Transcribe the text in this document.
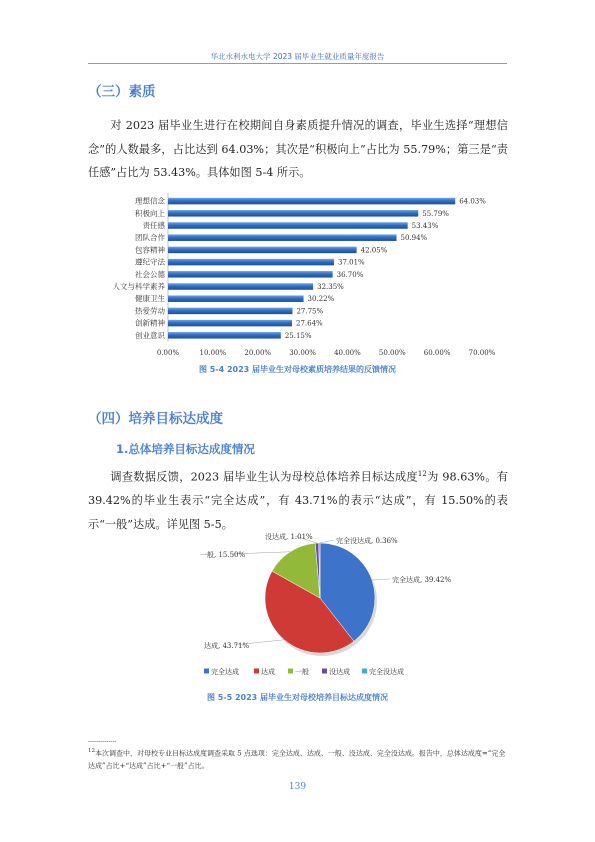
华北水利水电大学 2023 届毕业生就业质量年度报告
（三）素质

对 2023 届毕业生进行在校期间自身素质提升情况的调查，毕业生选择“理想信念”的人数最多，占比达到 64.03%；其次是“积极向上”占比为 55.79%；第三是“责任感”占比为 53.43%。具体如图 5-4 所示。

理想信念	64.03%
积极向上	55.79%
责任感	53.43%
团队合作	50.94%
包容精神	42.05%
遵纪守法	37.01%
社会公德	36.70%
人文与科学素养	32.35%
健康卫生	30.22%
热爱劳动	27.75%
创新精神	27.64%
创业意识	25.15%
0.00%	10.00%	20.00%	30.00%	40.00%	50.00%	60.00%	70.00%
图 5-4 2023 届毕业生对母校素质培养结果的反馈情况
（四）培养目标达成度
1.总体培养目标达成度情况

调查数据反馈，2023 届毕业生认为母校总体培养目标达成度$^{12}$为 98.63%。有 39.42%的毕业生表示“完全达成”，有 43.71%的表示“达成”，有 15.50%的表示“一般”达成。详见图 5-5。

完全达成, 39.42%
达成, 43.71%
一般, 15.50%
没达成, 1.01%	完全没达成, 0.36%
完全达成	达成	一般	没达成	完全没达成
图 5-5 2023 届毕业生对母校培养目标达成度情况
--------------
$^{12}$本次调查中，对母校专业目标达成度调查采取 5 点选项：完全达成、达成、一般、没达成、完全没达成。报告中，总体达成度=“完全达成”占比+“达成”占比+“一般”占比。
139
